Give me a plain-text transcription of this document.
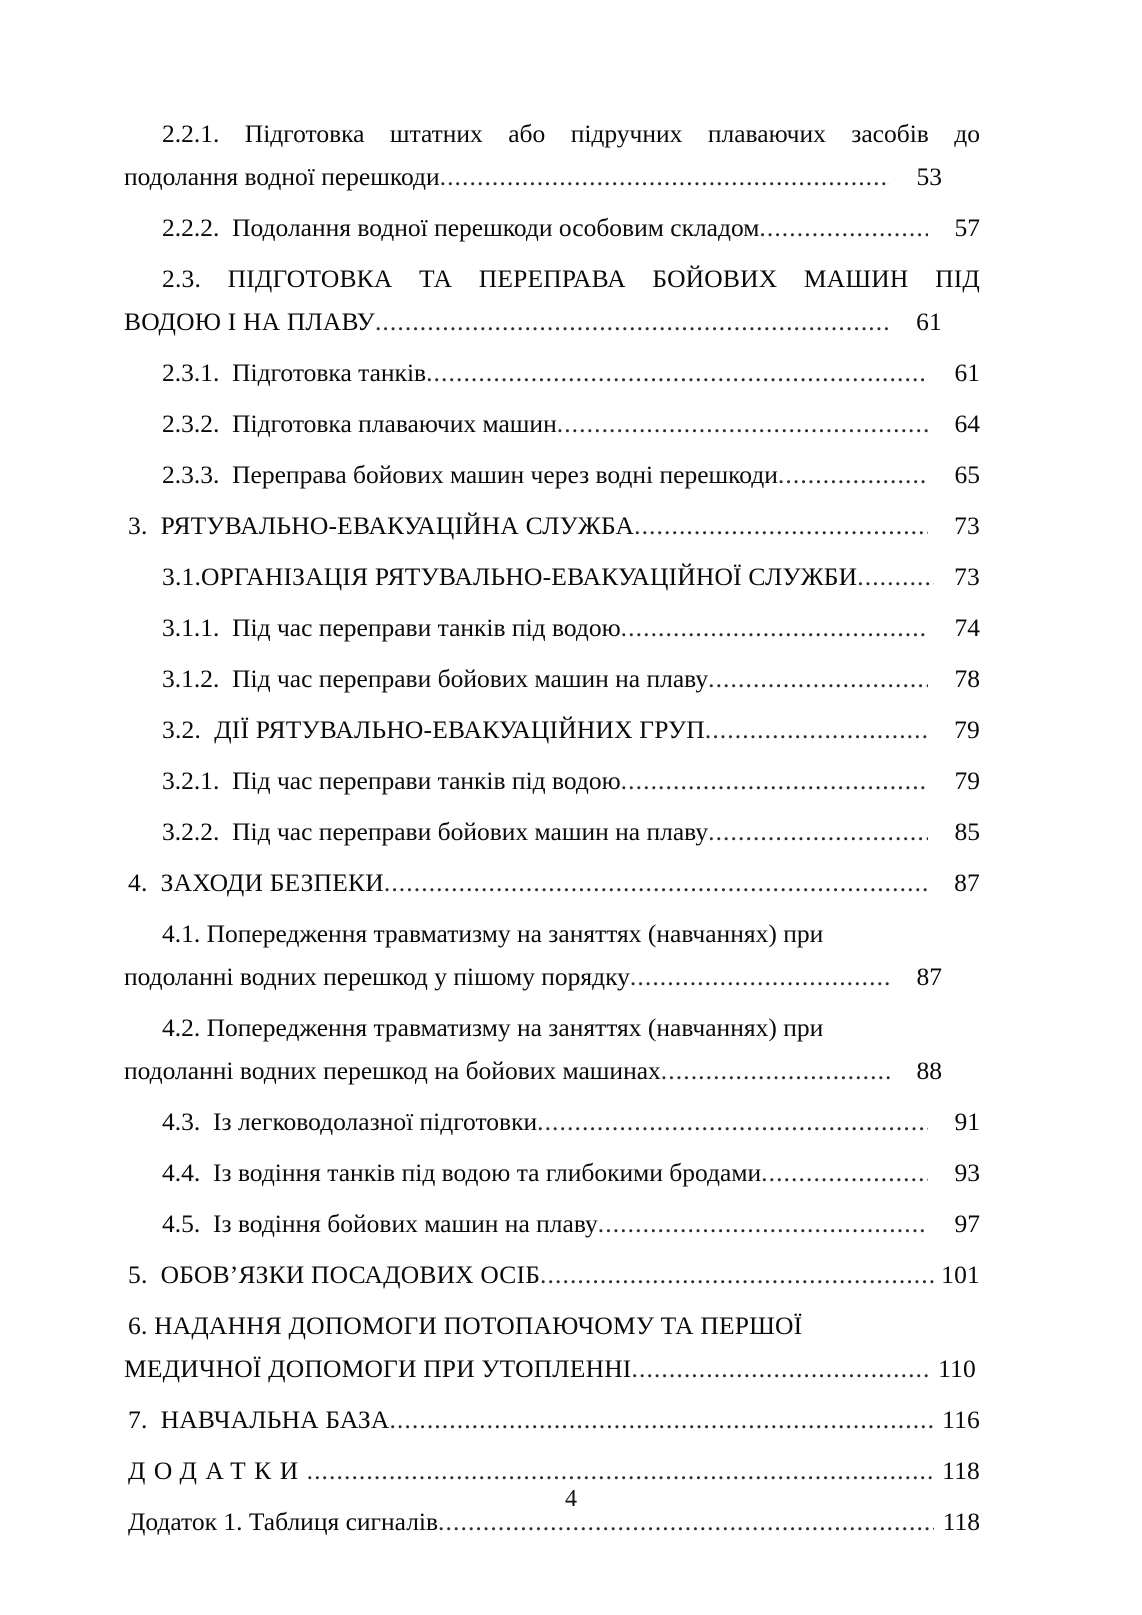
2.2.1. Підготовка штатних або підручних плаваючих засобів до
подолання водної перешкоди .....	53
2.2.2.  Подолання водної перешкоди особовим складом .....	57
2.3. ПІДГОТОВКА ТА ПЕРЕПРАВА БОЙОВИХ МАШИН ПІД
ВОДОЮ І НА ПЛАВУ .....	61
2.3.1.  Підготовка танків .....	61
2.3.2.  Підготовка плаваючих машин .....	64
2.3.3.  Переправа бойових машин через водні перешкоди .....	65
3.  РЯТУВАЛЬНО-ЕВАКУАЦІЙНА СЛУЖБА .....	73
3.1.ОРГАНІЗАЦІЯ РЯТУВАЛЬНО-ЕВАКУАЦІЙНОЇ СЛУЖБИ .....	73
3.1.1.  Під час переправи танків під водою .....	74
3.1.2.  Під час переправи бойових машин на плаву .....	78
3.2.  ДІЇ РЯТУВАЛЬНО-ЕВАКУАЦІЙНИХ ГРУП .....	79
3.2.1.  Під час переправи танків під водою .....	79
3.2.2.  Під час переправи бойових машин на плаву .....	85
4.  ЗАХОДИ БЕЗПЕКИ .....	87
4.1. Попередження травматизму на заняттях (навчаннях) при
подоланні водних перешкод у пішому порядку .....	87
4.2. Попередження травматизму на заняттях (навчаннях) при
подоланні водних перешкод на бойових машинах .....	88
4.3.  Із легководолазної підготовки .....	91
4.4.  Із водіння танків під водою та глибокими бродами .....	93
4.5.  Із водіння бойових машин на плаву .....	97
5.  ОБОВ’ЯЗКИ ПОСАДОВИХ ОСІБ .....	101
6. НАДАННЯ ДОПОМОГИ ПОТОПАЮЧОМУ ТА ПЕРШОЇ
МЕДИЧНОЇ ДОПОМОГИ ПРИ УТОПЛЕННІ .....	110
7.  НАВЧАЛЬНА БАЗА .....	116
ДОДАТКИ .....	118
Додаток 1. Таблиця сигналів .....	118
4
